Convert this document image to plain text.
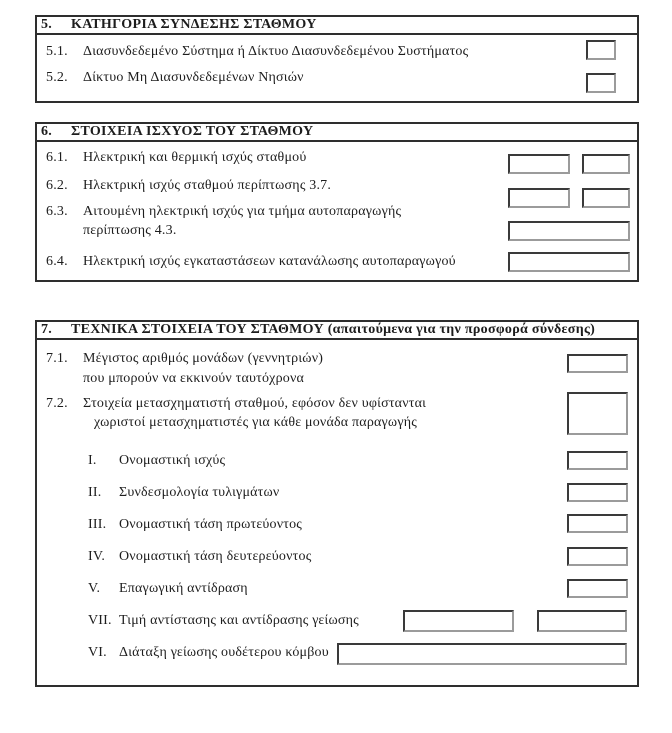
5. ΚΑΤΗΓΟΡΙΑ ΣΥΝΔΕΣΗΣ ΣΤΑΘΜΟΥ
5.1. Διασυνδεδεμένο Σύστημα ή Δίκτυο Διασυνδεδεμένου Συστήματος
5.2. Δίκτυο Μη Διασυνδεδεμένων Νησιών
6. ΣΤΟΙΧΕΙΑ ΙΣΧΥΟΣ ΤΟΥ ΣΤΑΘΜΟΥ
6.1. Ηλεκτρική και θερμική ισχύς σταθμού
6.2. Ηλεκτρική ισχύς σταθμού περίπτωσης 3.7.
6.3. Αιτουμένη ηλεκτρική ισχύς για τμήμα αυτοπαραγωγής
περίπτωσης 4.3.
6.4. Ηλεκτρική ισχύς εγκαταστάσεων κατανάλωσης αυτοπαραγωγού
7. ΤΕΧΝΙΚΑ ΣΤΟΙΧΕΙΑ ΤΟΥ ΣΤΑΘΜΟΥ (απαιτούμενα για την προσφορά σύνδεσης)
7.1. Μέγιστος αριθμός μονάδων (γεννητριών)
που μπορούν να εκκινούν ταυτόχρονα
7.2. Στοιχεία μετασχηματιστή σταθμού, εφόσον δεν υφίστανται
χωριστοί μετασχηματιστές για κάθε μονάδα παραγωγής
I. Ονομαστική ισχύς
II. Συνδεσμολογία τυλιγμάτων
III. Ονομαστική τάση πρωτεύοντος
IV. Ονομαστική τάση δευτερεύοντος
V. Επαγωγική αντίδραση
VII. Τιμή αντίστασης και αντίδρασης γείωσης
VI. Διάταξη γείωσης ουδέτερου κόμβου
